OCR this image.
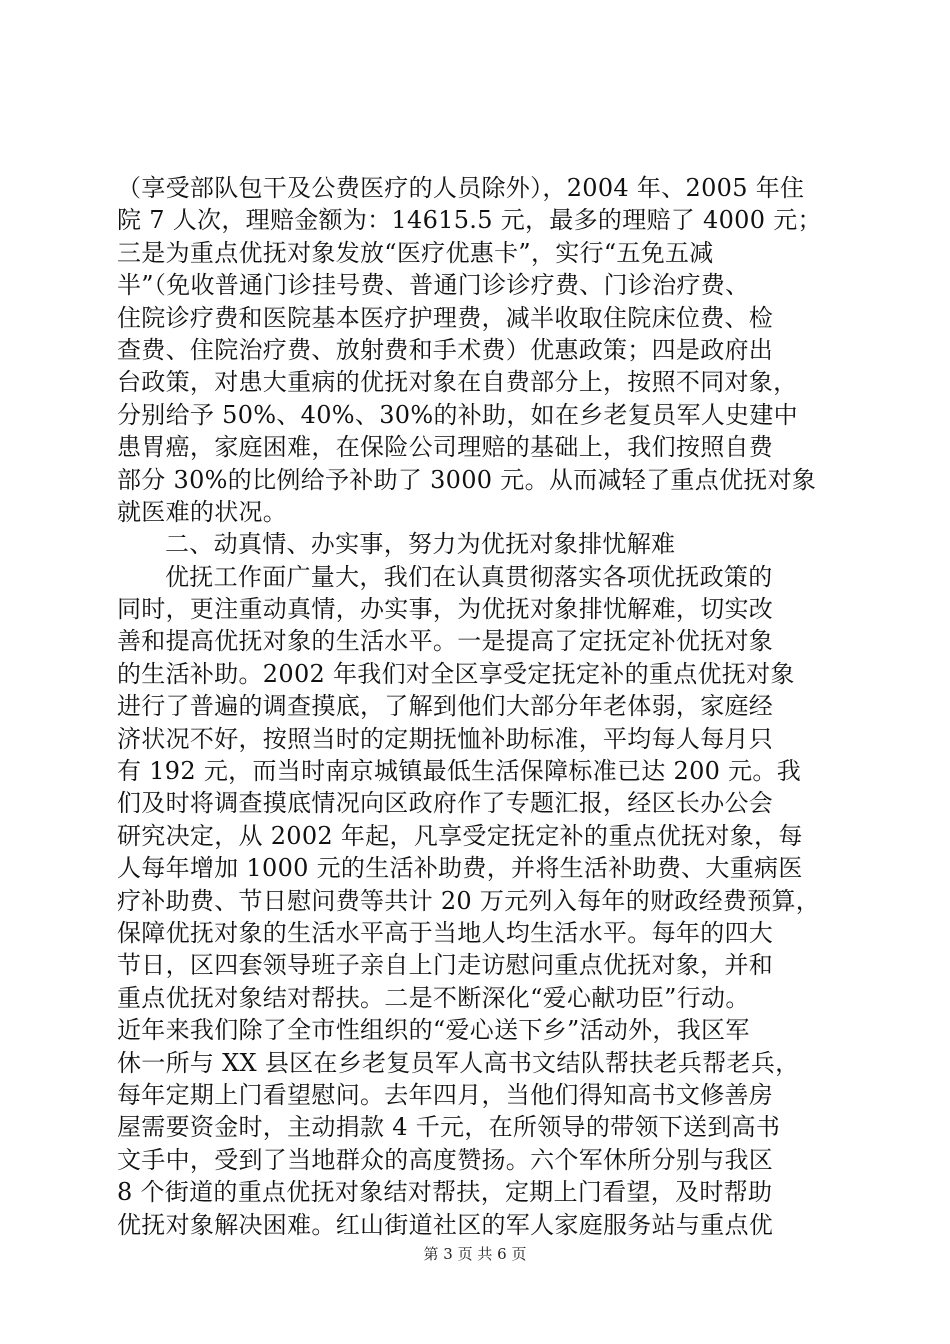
（享受部队包干及公费医疗的人员除外），2004 年、2005 年住
院 7 人次，理赔金额为：14615.5 元，最多的理赔了 4000 元；
三是为重点优抚对象发放“医疗优惠卡”，实行“五免五减
半”（免收普通门诊挂号费、普通门诊诊疗费、门诊治疗费、
住院诊疗费和医院基本医疗护理费，减半收取住院床位费、检
查费、住院治疗费、放射费和手术费）优惠政策；四是政府出
台政策，对患大重病的优抚对象在自费部分上，按照不同对象，
分别给予 50%、40%、30%的补助，如在乡老复员军人史建中
患胃癌，家庭困难，在保险公司理赔的基础上，我们按照自费
部分 30%的比例给予补助了 3000 元。从而减轻了重点优抚对象
就医难的状况。
二、动真情、办实事，努力为优抚对象排忧解难
优抚工作面广量大，我们在认真贯彻落实各项优抚政策的
同时，更注重动真情，办实事，为优抚对象排忧解难，切实改
善和提高优抚对象的生活水平。一是提高了定抚定补优抚对象
的生活补助。2002 年我们对全区享受定抚定补的重点优抚对象
进行了普遍的调查摸底，了解到他们大部分年老体弱，家庭经
济状况不好，按照当时的定期抚恤补助标准，平均每人每月只
有 192 元，而当时南京城镇最低生活保障标准已达 200 元。我
们及时将调查摸底情况向区政府作了专题汇报，经区长办公会
研究决定，从 2002 年起，凡享受定抚定补的重点优抚对象，每
人每年增加 1000 元的生活补助费，并将生活补助费、大重病医
疗补助费、节日慰问费等共计 20 万元列入每年的财政经费预算，
保障优抚对象的生活水平高于当地人均生活水平。每年的四大
节日，区四套领导班子亲自上门走访慰问重点优抚对象，并和
重点优抚对象结对帮扶。二是不断深化“爱心献功臣”行动。
近年来我们除了全市性组织的“爱心送下乡”活动外，我区军
休一所与 XX 县区在乡老复员军人高书文结队帮扶老兵帮老兵，
每年定期上门看望慰问。去年四月，当他们得知高书文修善房
屋需要资金时，主动捐款 4 千元，在所领导的带领下送到高书
文手中，受到了当地群众的高度赞扬。六个军休所分别与我区
8 个街道的重点优抚对象结对帮扶，定期上门看望，及时帮助
优抚对象解决困难。红山街道社区的军人家庭服务站与重点优
第 3 页 共 6 页
